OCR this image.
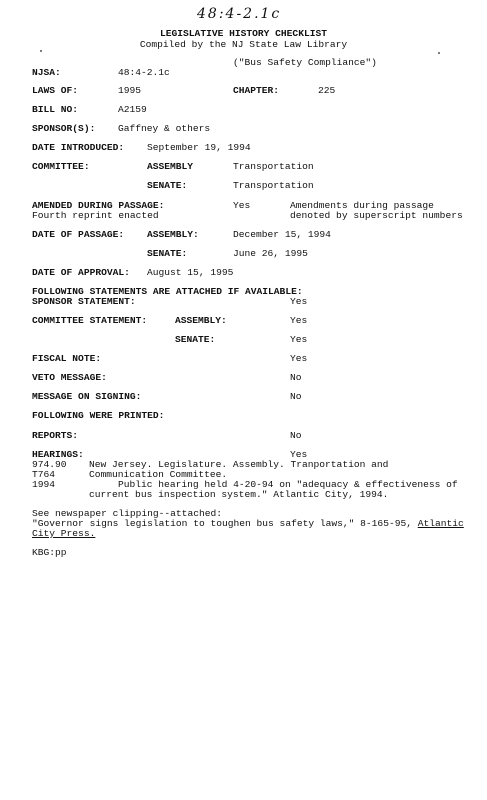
48:4-2.1c
LEGISLATIVE HISTORY CHECKLIST
Compiled by the NJ State Law Library
("Bus Safety Compliance")
NJSA:	48:4-2.1c
LAWS OF:	1995	CHAPTER:	225
BILL NO:	A2159
SPONSOR(S): Gaffney & others
DATE INTRODUCED: September 19, 1994
COMMITTEE:	ASSEMBLY	Transportation
SENATE:	Transportation
AMENDED DURING PASSAGE:	Yes	Amendments during passage
Fourth reprint enacted	denoted by superscript numbers
DATE OF PASSAGE: ASSEMBLY:	December 15, 1994
SENATE:	June 26, 1995
DATE OF APPROVAL: August 15, 1995
FOLLOWING STATEMENTS ARE ATTACHED IF AVAILABLE:
SPONSOR STATEMENT:	Yes
COMMITTEE STATEMENT:	ASSEMBLY:	Yes
SENATE:	Yes
FISCAL NOTE:	Yes
VETO MESSAGE:	No
MESSAGE ON SIGNING:	No
FOLLOWING WERE PRINTED:
REPORTS:	No
HEARINGS:	Yes
974.90 New Jersey. Legislature. Assembly. Tranportation and
T764	Communication Committee.
1994	Public hearing held 4-20-94 on "adequacy & effectiveness of
current bus inspection system." Atlantic City, 1994.
See newspaper clipping--attached:
"Governor signs legislation to toughen bus safety laws," 8-165-95, Atlantic
City Press.
KBG:pp
